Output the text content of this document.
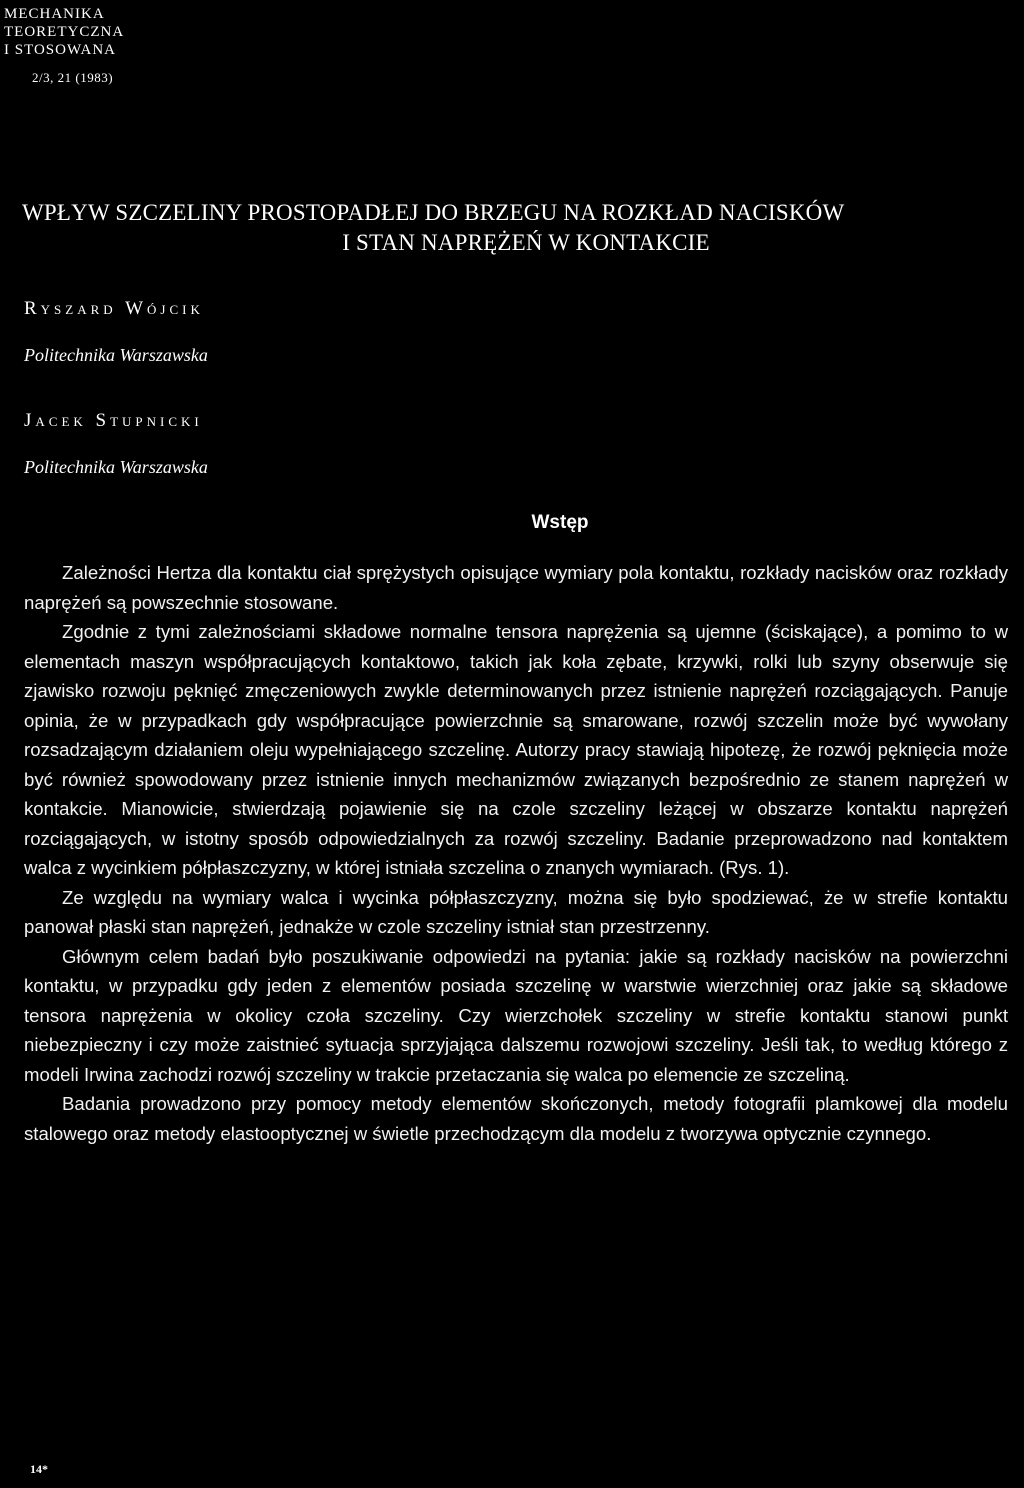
MECHANIKA
TEORETYCZNA
I STOSOWANA
2/3, 21 (1983)
WPŁYW SZCZELINY PROSTOPADŁEJ DO BRZEGU NA ROZKŁAD NACISKÓW
I STAN NAPRĘŻEŃ W KONTAKCIE
Ryszard Wójcik
Politechnika Warszawska
Jacek Stupnicki
Politechnika Warszawska
Wstęp

Zależności Hertza dla kontaktu ciał sprężystych opisujące wymiary pola kontaktu, rozkłady nacisków oraz rozkłady naprężeń są powszechnie stosowane.

Zgodnie z tymi zależnościami składowe normalne tensora naprężenia są ujemne (ściskające), a pomimo to w elementach maszyn współpracujących kontaktowo, takich jak koła zębate, krzywki, rolki lub szyny obserwuje się zjawisko rozwoju pęknięć zmęczeniowych zwykle determinowanych przez istnienie naprężeń rozciągających. Panuje opinia, że w przypadkach gdy współpracujące powierzchnie są smarowane, rozwój szczelin może być wywołany rozsadzającym działaniem oleju wypełniającego szczelinę. Autorzy pracy stawiają hipotezę, że rozwój pęknięcia może być również spowodowany przez istnienie innych mechanizmów związanych bezpośrednio ze stanem naprężeń w kontakcie. Mianowicie, stwierdzają pojawienie się na czole szczeliny leżącej w obszarze kontaktu naprężeń rozciągających, w istotny sposób odpowiedzialnych za rozwój szczeliny. Badanie przeprowadzono nad kontaktem walca z wycinkiem półpłaszczyzny, w której istniała szczelina o znanych wymiarach. (Rys. 1).

Ze względu na wymiary walca i wycinka półpłaszczyzny, można się było spodziewać, że w strefie kontaktu panował płaski stan naprężeń, jednakże w czole szczeliny istniał stan przestrzenny.

Głównym celem badań było poszukiwanie odpowiedzi na pytania: jakie są rozkłady nacisków na powierzchni kontaktu, w przypadku gdy jeden z elementów posiada szczelinę w warstwie wierzchniej oraz jakie są składowe tensora naprężenia w okolicy czoła szczeliny. Czy wierzchołek szczeliny w strefie kontaktu stanowi punkt niebezpieczny i czy może zaistnieć sytuacja sprzyjająca dalszemu rozwojowi szczeliny. Jeśli tak, to według którego z modeli Irwina zachodzi rozwój szczeliny w trakcie przetaczania się walca po elemencie ze szczeliną.

Badania prowadzono przy pomocy metody elementów skończonych, metody fotografii plamkowej dla modelu stalowego oraz metody elastooptycznej w świetle przechodzącym dla modelu z tworzywa optycznie czynnego.

14*
